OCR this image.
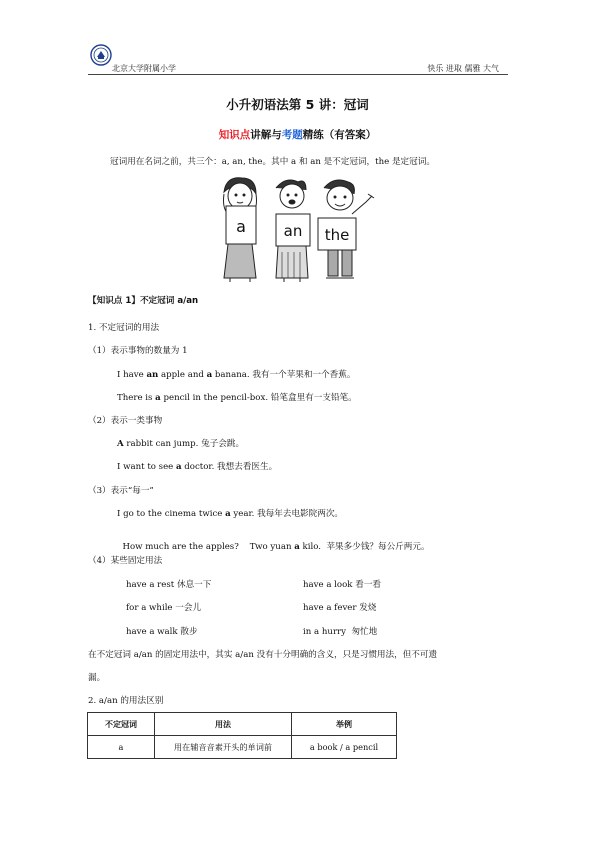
北京大学附属小学	快乐 进取 儒雅 大气
小升初语法第 5 讲：冠词
知识点讲解与考题精练（有答案）
冠词用在名词之前，共三个：a, an, the。其中 a 和 an 是不定冠词，the 是定冠词。
a	an the
【知识点 1】不定冠词 a/an
1. 不定冠词的用法
（1）表示事物的数量为 1
I have an apple and a banana. 我有一个苹果和一个香蕉。
There is a pencil in the pencil-box. 铅笔盒里有一支铅笔。
（2）表示一类事物
A rabbit can jump. 兔子会跳。
I want to see a doctor. 我想去看医生。
（3）表示“每一”
I go to the cinema twice a year. 我每年去电影院两次。

How much are the apples?    Two yuan a kilo.  苹果多少钱？每公斤两元。

（4）某些固定用法
have a rest 休息一下	have a look 看一看
for a while 一会儿	have a fever 发烧
have a walk 散步	in a hurry  匆忙地
在不定冠词 a/an 的固定用法中，其实 a/an 没有十分明确的含义，只是习惯用法，但不可遗
漏。
2. a/an 的用法区别
不定冠词	用法	举例
a	用在辅音音素开头的单词前	a book / a pencil
